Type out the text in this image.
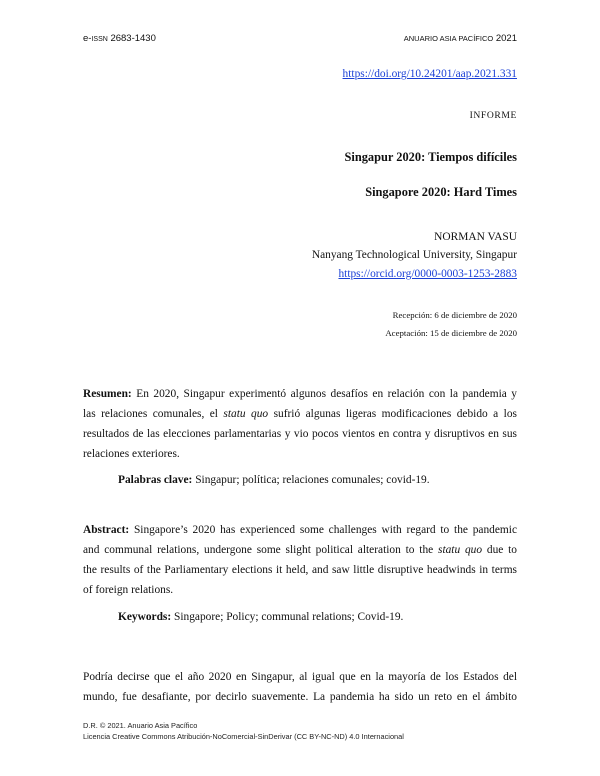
e-ISSN 2683-1430	ANUARIO ASIA PACÍFICO 2021
https://doi.org/10.24201/aap.2021.331
INFORME
Singapur 2020: Tiempos difíciles
Singapore 2020: Hard Times
NORMAN VASU
Nanyang Technological University, Singapur
https://orcid.org/0000-0003-1253-2883
Recepción: 6 de diciembre de 2020
Aceptación: 15 de diciembre de 2020
Resumen: En 2020, Singapur experimentó algunos desafíos en relación con la pandemia y
las relaciones comunales, el statu quo sufrió algunas ligeras modificaciones debido a los
resultados de las elecciones parlamentarias y vio pocos vientos en contra y disruptivos en sus
relaciones exteriores.
Palabras clave: Singapur; política; relaciones comunales; covid-19.
Abstract: Singapore’s 2020 has experienced some challenges with regard to the pandemic
and communal relations, undergone some slight political alteration to the statu quo due to
the results of the Parliamentary elections it held, and saw little disruptive headwinds in terms
of foreign relations.
Keywords: Singapore; Policy; communal relations; Covid-19.
Podría decirse que el año 2020 en Singapur, al igual que en la mayoría de los Estados del
mundo, fue desafiante, por decirlo suavemente. La pandemia ha sido un reto en el ámbito
D.R. © 2021. Anuario Asia Pacífico
Licencia Creative Commons Atribución-NoComercial-SinDerivar (CC BY-NC-ND) 4.0 Internacional
